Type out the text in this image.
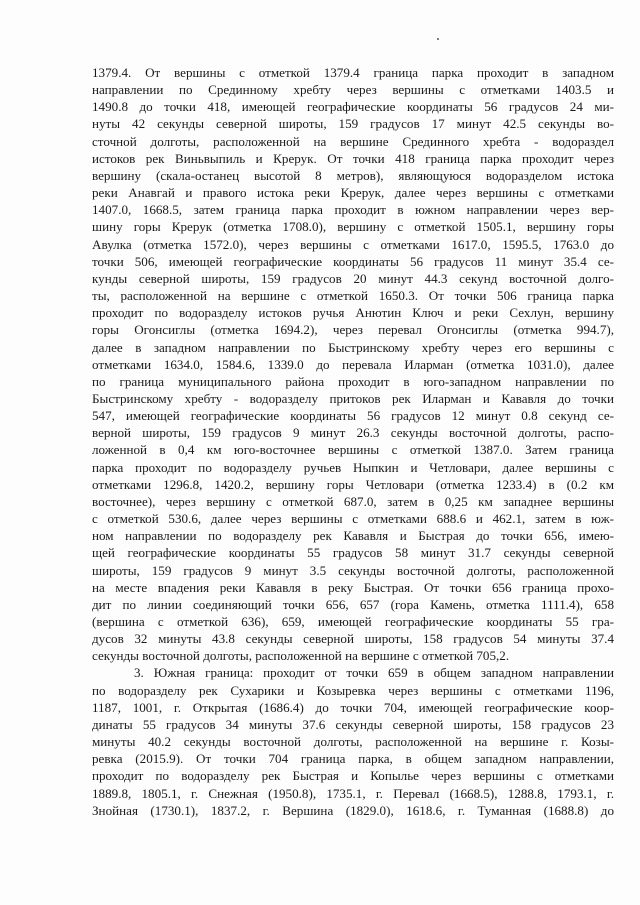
1379.4. От вершины с отметкой 1379.4 граница парка проходит в западном
направлении по Срединному хребту через вершины с отметками 1403.5 и
1490.8 до точки 418, имеющей географические координаты 56 градусов 24 ми-
нуты 42 секунды северной широты, 159 градусов 17 минут 42.5 секунды во-
сточной долготы, расположенной на вершине Срединного хребта - водораздел
истоков рек Виньвыпиль и Крерук. От точки 418 граница парка проходит через
вершину (скала-останец высотой 8 метров), являющуюся водоразделом истока
реки Анавгай и правого истока реки Крерук, далее через вершины с отметками
1407.0, 1668.5, затем граница парка проходит в южном направлении через вер-
шину горы Крерук (отметка 1708.0), вершину с отметкой 1505.1, вершину горы
Авулка (отметка 1572.0), через вершины с отметками 1617.0, 1595.5, 1763.0 до
точки 506, имеющей географические координаты 56 градусов 11 минут 35.4 се-
кунды северной широты, 159 градусов 20 минут 44.3 секунд восточной долго-
ты, расположенной на вершине с отметкой 1650.3. От точки 506 граница парка
проходит по водоразделу истоков ручья Анютин Ключ и реки Сехлун, вершину
горы Огонсиглы (отметка 1694.2), через перевал Огонсиглы (отметка 994.7),
далее в западном направлении по Быстринскому хребту через его вершины с
отметками 1634.0, 1584.6, 1339.0 до перевала Иларман (отметка 1031.0), далее
по граница муниципального района проходит в юго-западном направлении по
Быстринскому хребту - водоразделу притоков рек Иларман и Кававля до точки
547, имеющей географические координаты 56 градусов 12 минут 0.8 секунд се-
верной широты, 159 градусов 9 минут 26.3 секунды восточной долготы, распо-
ложенной в 0,4 км юго-восточнее вершины с отметкой 1387.0. Затем граница
парка проходит по водоразделу ручьев Ныпкин и Четловари, далее вершины с
отметками 1296.8, 1420.2, вершину горы Четловари (отметка 1233.4) в (0.2 км
восточнее), через вершину с отметкой 687.0, затем в 0,25 км западнее вершины
с отметкой 530.6, далее через вершины с отметками 688.6 и 462.1, затем в юж-
ном направлении по водоразделу рек Кававля и Быстрая до точки 656, имею-
щей географические координаты 55 градусов 58 минут 31.7 секунды северной
широты, 159 градусов 9 минут 3.5 секунды восточной долготы, расположенной
на месте впадения реки Кававля в реку Быстрая. От точки 656 граница прохо-
дит по линии соединяющий точки 656, 657 (гора Камень, отметка 1111.4), 658
(вершина с отметкой 636), 659, имеющей географические координаты 55 гра-
дусов 32 минуты 43.8 секунды северной широты, 158 градусов 54 минуты 37.4
секунды восточной долготы, расположенной на вершине с отметкой 705,2.
3. Южная граница: проходит от точки 659 в общем западном направлении
по водоразделу рек Сухарики и Козыревка через вершины с отметками 1196,
1187, 1001, г. Открытая (1686.4) до точки 704, имеющей географические коор-
динаты 55 градусов 34 минуты 37.6 секунды северной широты, 158 градусов 23
минуты 40.2 секунды восточной долготы, расположенной на вершине г. Козы-
ревка (2015.9). От точки 704 граница парка, в общем западном направлении,
проходит по водоразделу рек Быстрая и Копылье через вершины с отметками
1889.8, 1805.1, г. Снежная (1950.8), 1735.1, г. Перевал (1668.5), 1288.8, 1793.1, г.
Знойная (1730.1), 1837.2, г. Вершина (1829.0), 1618.6, г. Туманная (1688.8) до
